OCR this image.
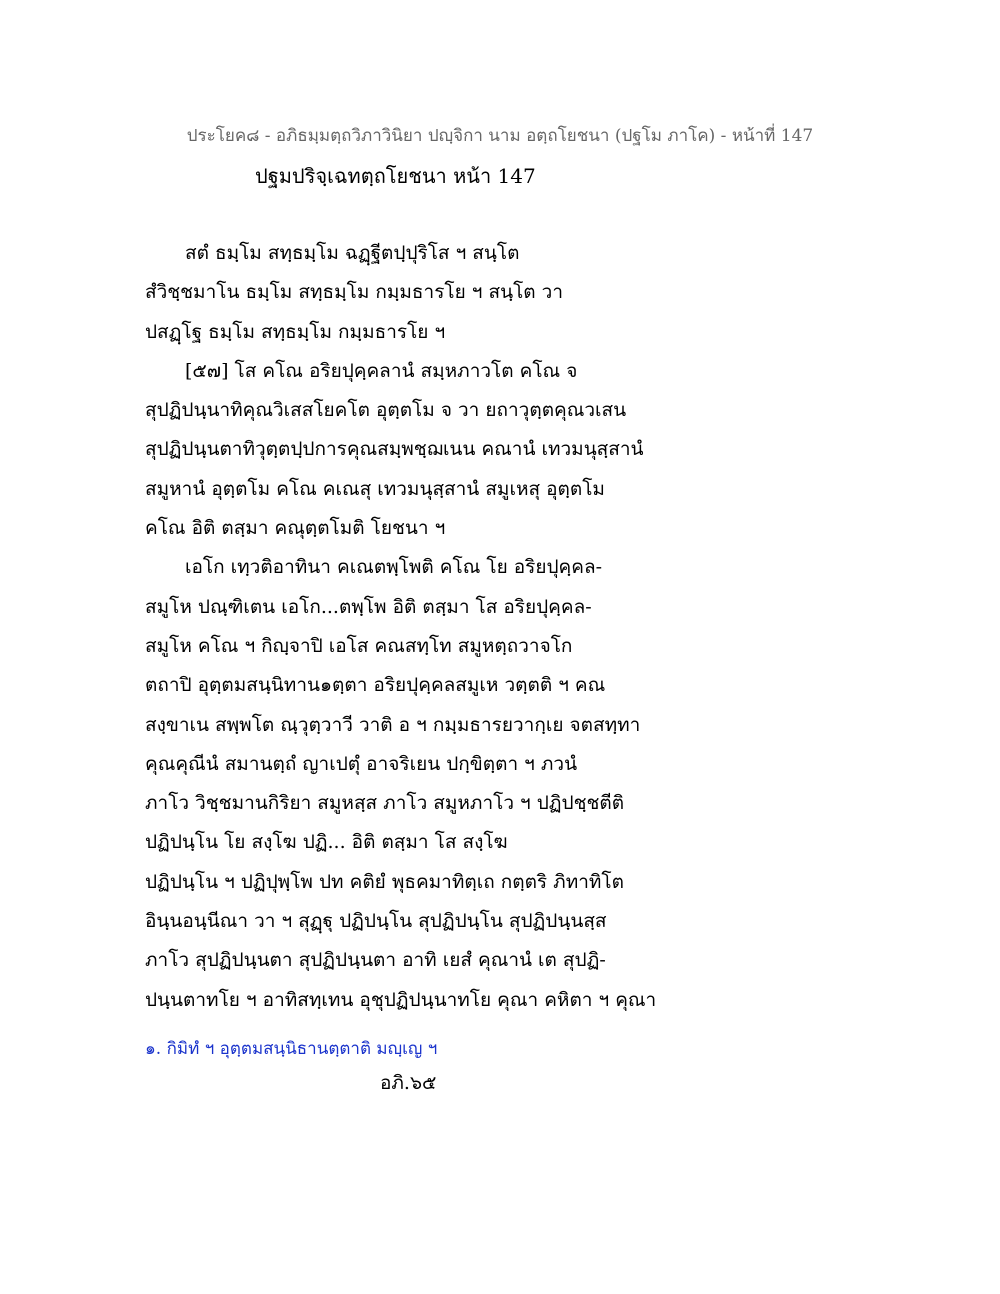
ประโยค๘ - อภิธมฺมตฺถวิภาวินิยา ปญฺจิกา นาม อตฺถโยชนา (ปฐโม ภาโค) - หน้าที่ 147
ปฐมปริจฺเฉทตฺถโยชนา หน้า 147
สตํ ธมฺโม สทฺธมฺโม ฉฏฺฐีตปฺปุริโส ฯ สนฺโต
สํวิชฺชมาโน ธมฺโม สทฺธมฺโม กมฺมธารโย ฯ สนฺโต วา
ปสฏฺโฐ ธมฺโม สทฺธมฺโม กมฺมธารโย ฯ
[๕๗] โส คโณ อริยปุคฺคลานํ สมฺหภาวโต คโณ จ
สุปฏิปนฺนาทิคุณวิเสสโยคโต อุตฺตโม จ วา ยถาวุตฺตคุณวเสน
สุปฏิปนฺนตาทิวุตฺตปฺปการคุณสมฺพชฺฌเนน คณานํ เทวมนุสฺสานํ
สมูหานํ อุตฺตโม คโณ คเณสุ เทวมนุสฺสานํ สมูเหสุ อุตฺตโม
คโณ อิติ ตสฺมา คณุตฺตโมติ โยชนา ฯ
เอโก เทฺวติอาทินา คเณตพฺโพติ คโณ โย อริยปุคฺคล-
สมูโห ปณฺฑิเตน เอโก...ตพฺโพ อิติ ตสฺมา โส อริยปุคฺคล-
สมูโห คโณ ฯ กิญฺจาปิ เอโส คณสทฺโท สมูหตฺถวาจโก
ตถาปิ อุตฺตมสนฺนิทาน๑ตฺตา อริยปุคฺคลสมูเห วตฺตติ ฯ คณ
สงฺขาเน สพฺพโต ณฺวุตฺวาวี วาติ อ ฯ กมฺมธารยวากฺเย จตสทฺทา
คุณคุณีนํ สมานตฺถํ ญาเปตุํ อาจริเยน ปกฺขิตฺตา ฯ ภวนํ
ภาโว วิชฺชมานกิริยา สมูหสฺส ภาโว สมูหภาโว ฯ ปฏิปชฺชตีติ
ปฏิปนฺโน โย สงฺโฆ ปฏิ... อิติ ตสฺมา โส สงฺโฆ
ปฏิปนฺโน ฯ ปฏิปุพฺโพ ปท คติยํ พุธคมาทิตฺเถ กตฺตริ ภิทาทิโต
อินฺนอนฺนีณา วา ฯ สุฏฺฐุ ปฏิปนฺโน สุปฏิปนฺโน สุปฏิปนฺนสฺส
ภาโว สุปฏิปนฺนตา สุปฏิปนฺนตา อาทิ เยสํ คุณานํ เต สุปฏิ-
ปนฺนตาทโย ฯ อาทิสทฺเทน อุชุปฏิปนฺนาทโย คุณา คหิตา ฯ คุณา
๑. กิมิทํ ฯ อุตฺตมสนฺนิธานตฺตาติ มญฺเญ ฯ
อภิ.๖๕
